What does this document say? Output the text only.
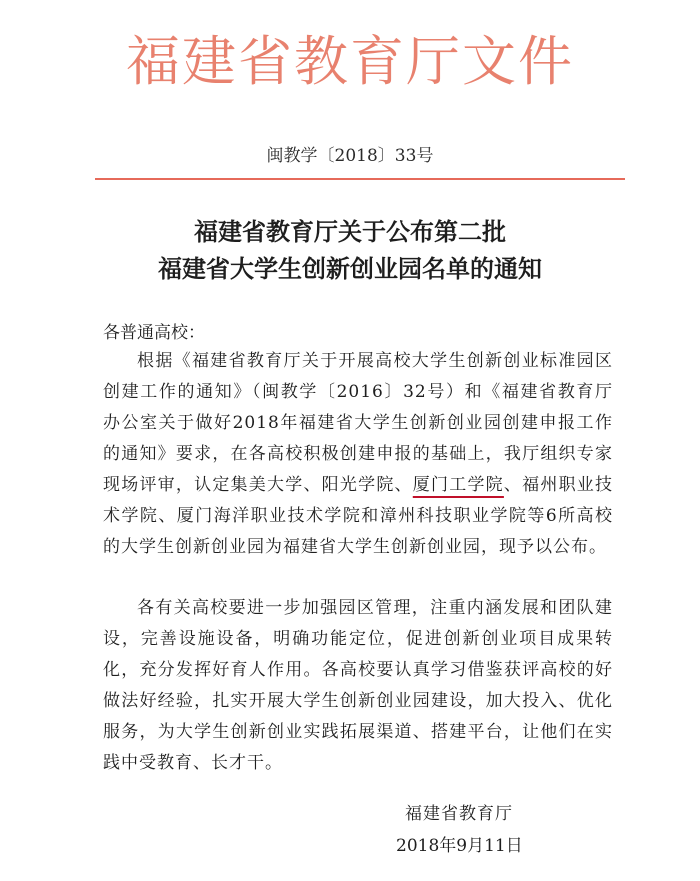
福建省教育厅文件
闽教学〔2018〕33号
福建省教育厅关于公布第二批
福建省大学生创新创业园名单的通知
各普通高校：

根据《福建省教育厅关于开展高校大学生创新创业标准园区创建工作的通知》（闽教学〔2016〕32号）和《福建省教育厅办公室关于做好2018年福建省大学生创新创业园创建申报工作的通知》要求，在各高校积极创建申报的基础上，我厅组织专家现场评审，认定集美大学、阳光学院、厦门工学院、福州职业技术学院、厦门海洋职业技术学院和漳州科技职业学院等6所高校的大学生创新创业园为福建省大学生创新创业园，现予以公布。

各有关高校要进一步加强园区管理，注重内涵发展和团队建设，完善设施设备，明确功能定位，促进创新创业项目成果转化，充分发挥好育人作用。各高校要认真学习借鉴获评高校的好做法好经验，扎实开展大学生创新创业园建设，加大投入、优化服务，为大学生创新创业实践拓展渠道、搭建平台，让他们在实践中受教育、长才干。

福建省教育厅
2018年9月11日
